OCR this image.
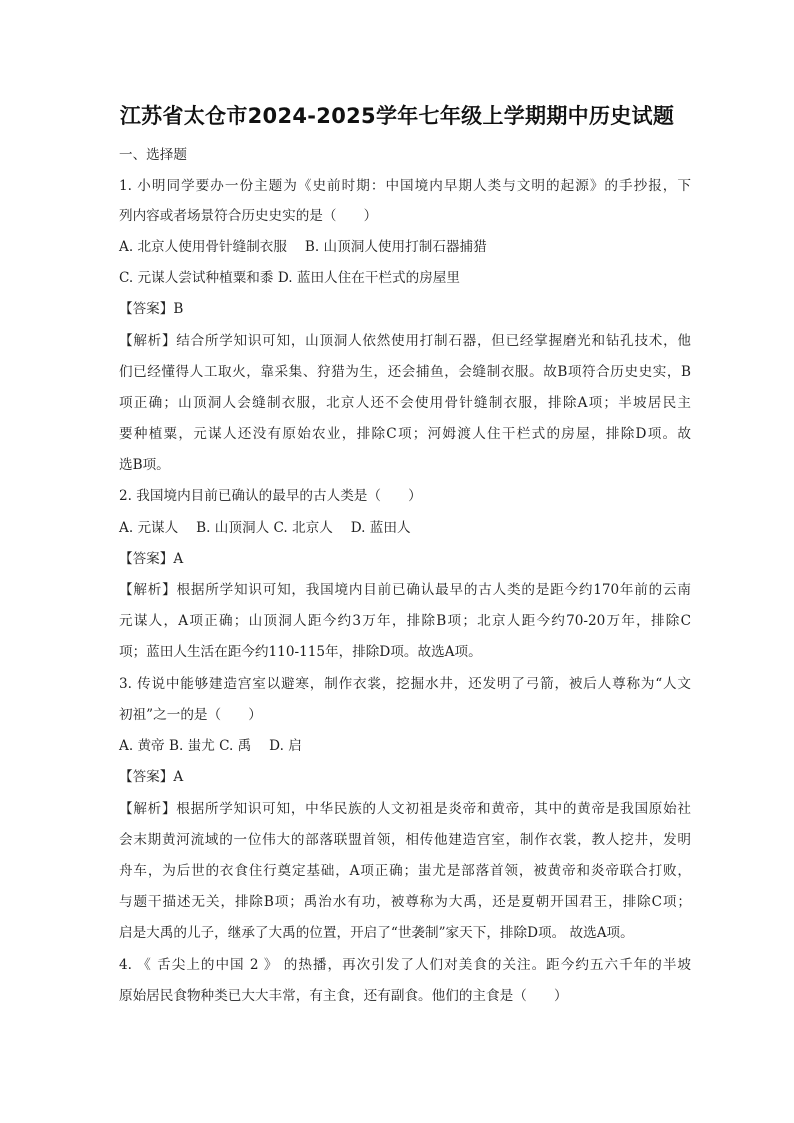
江苏省太仓市2024-2025学年七年级上学期期中历史试题
一、选择题
1. 小明同学要办一份主题为《史前时期：中国境内早期人类与文明的起源》的手抄报，下
列内容或者场景符合历史史实的是（　　）
A. 北京人使用骨针缝制衣服　 B. 山顶洞人使用打制石器捕猎
C. 元谋人尝试种植粟和黍 D. 蓝田人住在干栏式的房屋里
【答案】B
【解析】结合所学知识可知，山顶洞人依然使用打制石器，但已经掌握磨光和钻孔技术，他
们已经懂得人工取火，靠采集、狩猎为生，还会捕鱼，会缝制衣服。故B项符合历史史实，B
项正确；山顶洞人会缝制衣服，北京人还不会使用骨针缝制衣服，排除A项；半坡居民主
要种植粟，元谋人还没有原始农业，排除C项；河姆渡人住干栏式的房屋，排除D项。故
选B项。
2. 我国境内目前已确认的最早的古人类是（　　）
A. 元谋人　 B. 山顶洞人 C. 北京人　 D. 蓝田人
【答案】A
【解析】根据所学知识可知，我国境内目前已确认最早的古人类的是距今约170年前的云南
元谋人，A项正确；山顶洞人距今约3万年，排除B项；北京人距今约70-20万年，排除C
项；蓝田人生活在距今约110-115年，排除D项。故选A项。
3. 传说中能够建造宫室以避寒，制作衣裳，挖掘水井，还发明了弓箭，被后人尊称为“人文
初祖”之一的是（　　）
A. 黄帝 B. 蚩尤 C. 禹　 D. 启
【答案】A
【解析】根据所学知识可知，中华民族的人文初祖是炎帝和黄帝，其中的黄帝是我国原始社
会末期黄河流域的一位伟大的部落联盟首领，相传他建造宫室，制作衣裳，教人挖井，发明
舟车，为后世的衣食住行奠定基础，A项正确；蚩尤是部落首领，被黄帝和炎帝联合打败，
与题干描述无关，排除B项；禹治水有功，被尊称为大禹，还是夏朝开国君王，排除C项；
启是大禹的儿子，继承了大禹的位置，开启了“世袭制”家天下，排除D项。 故选A项。
4. 《 舌尖上的中国 2 》 的热播，再次引发了人们对美食的关注。距今约五六千年的半坡
原始居民食物种类已大大丰常，有主食，还有副食。他们的主食是（　　）
